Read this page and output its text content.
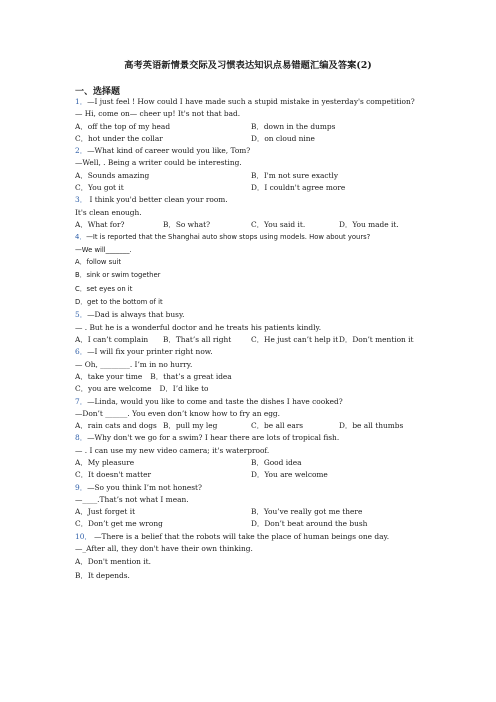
高考英语新情景交际及习惯表达知识点易错题汇编及答案(2)
一、选择题
1．—I just feel ! How could I have made such a stupid mistake in yesterday's competition?
— Hi, come on— cheer up! It's not that bad.
A．off the top of my head	B．down in the dumps
C．hot under the collar	D．on cloud nine
2．—What kind of career would you like, Tom?
—Well, . Being a writer could be interesting.
A．Sounds amazing	B．I'm not sure exactly
C．You got it	D．I couldn't agree more
3． I think you'd better clean your room.
It's clean enough.
A．What for?	B．So what?	C．You said it.	D．You made it.
4．—It is reported that the Shanghai auto show stops using models. How about yours?
—We will_______.
A．follow suit
B．sink or swim together
C．set eyes on it
D．get to the bottom of it
5．—Dad is always that busy.
— . But he is a wonderful doctor and he treats his patients kindly.
A．I can’t complain	B．That’s all right	C．He just can’t help it D．Don’t mention it
6．—I will fix your printer right now.
— Oh, ________. I’m in no hurry.
A．take your time B．that’s a great idea
C．you are welcome D．I’d like to
7．—Linda, would you like to come and taste the dishes I have cooked?
—Don’t ______. You even don’t know how to fry an egg.
A．rain cats and dogs B．pull my leg	C．be all ears	D．be all thumbs
8．—Why don't we go for a swim? I hear there are lots of tropical fish.
— . I can use my new video camera; it's waterproof.
A．My pleasure	B．Good idea
C．It doesn't matter	D．You are welcome
9．—So you think I’m not honest?
—____.That’s not what I mean.
A．Just forget it	B．You’ve really got me there
C．Don’t get me wrong	D．Don’t beat around the bush
10． —There is a belief that the robots will take the place of human beings one day.
—_After all, they don't have their own thinking.
A．Don't mention it.
B．It depends.
